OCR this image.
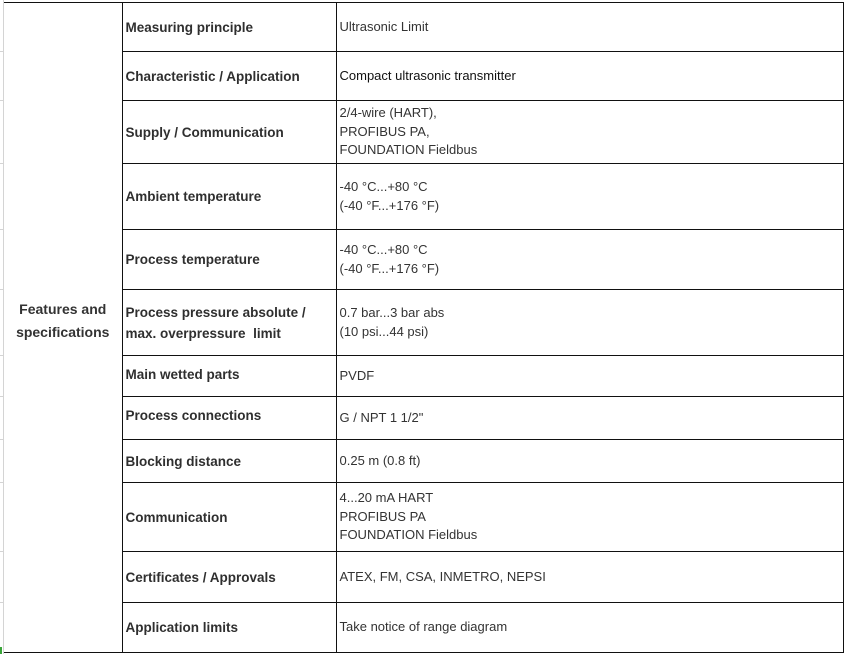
Features and
specifications	Measuring principle	Ultrasonic Limit

	Characteristic / Application	Compact ultrasonic transmitter

	Supply / Communication	2/4-wire (HART),
PROFIBUS PA,
FOUNDATION Fieldbus

	Ambient temperature	-40 °C...+80 °C
(-40 °F...+176 °F)

	Process temperature	-40 °C...+80 °C
(-40 °F...+176 °F)

	Process pressure absolute /
max. overpressure  limit	0.7 bar...3 bar abs
(10 psi...44 psi)

	Main wetted parts	PVDF

	Process connections	G / NPT 1 1/2"

	Blocking distance	0.25 m (0.8 ft)

	Communication	4...20 mA HART
PROFIBUS PA
FOUNDATION Fieldbus

	Certificates / Approvals	ATEX, FM, CSA, INMETRO, NEPSI

	Application limits	Take notice of range diagram
